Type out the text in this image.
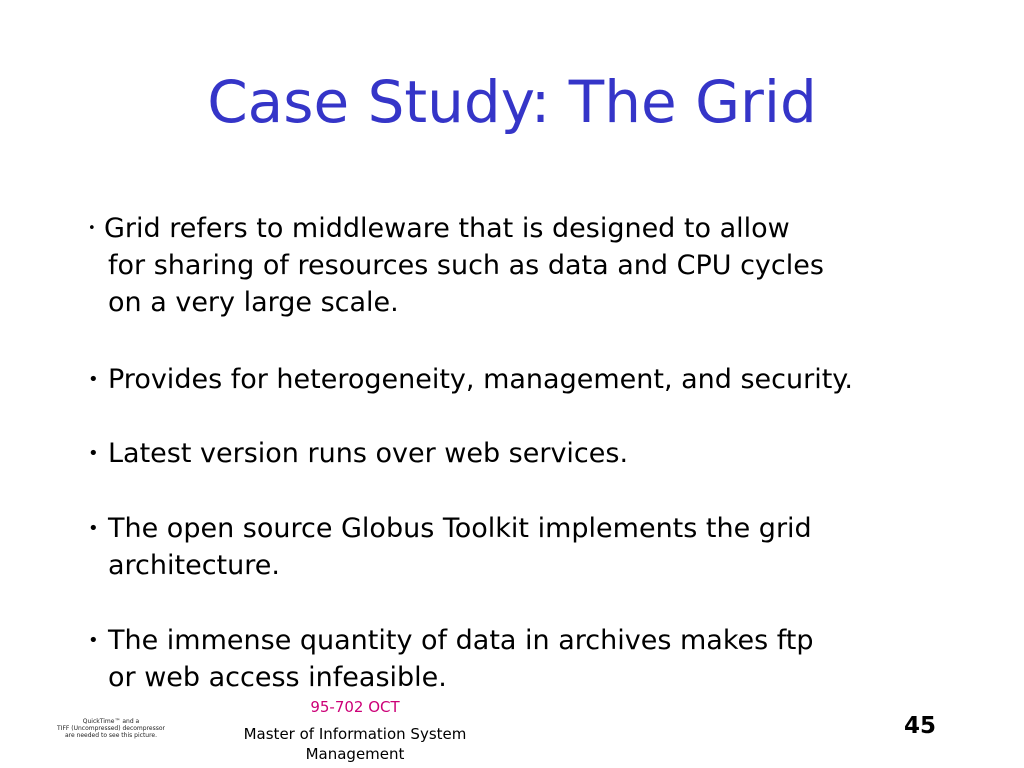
Case Study: The Grid
• Grid refers to middleware that is designed to allow
for sharing of resources such as data and CPU cycles
on a very large scale.
• Provides for heterogeneity, management, and security.
• Latest version runs over web services.
• The open source Globus Toolkit implements the grid
architecture.
• The immense quantity of data in archives makes ftp
or web access infeasible.
QuickTime™ and a
TIFF (Uncompressed) decompressor
are needed to see this picture.
95-702 OCT
Master of Information System
Management
45
